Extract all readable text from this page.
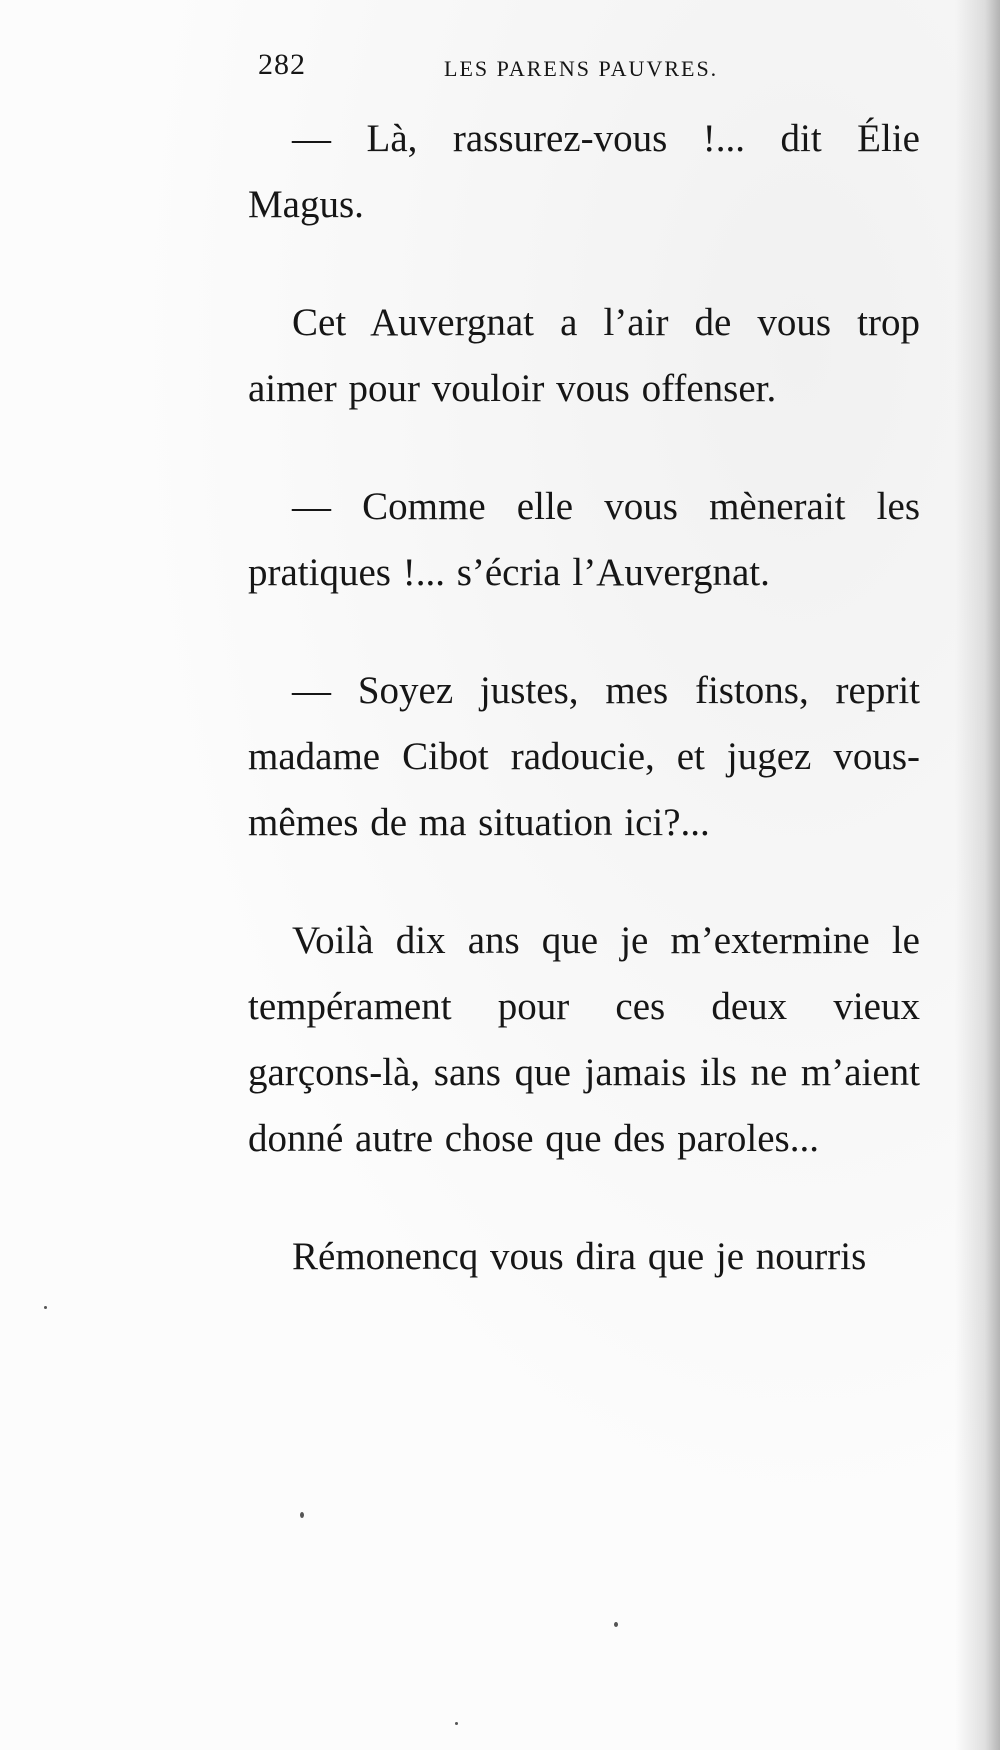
282	LES PARENS PAUVRES.

— Là, rassurez-vous !... dit Élie Magus.

Cet Auvergnat a l’air de vous trop aimer pour vouloir vous offenser.

— Comme elle vous mènerait les pratiques !... s’écria l’Auvergnat.

— Soyez justes, mes fistons, reprit madame Cibot radoucie, et jugez vous-mêmes de ma situation ici?...

Voilà dix ans que je m’extermine le tempérament pour ces deux vieux garçons-là, sans que jamais ils ne m’aient donné autre chose que des paroles...

Rémonencq vous dira que je nourris
